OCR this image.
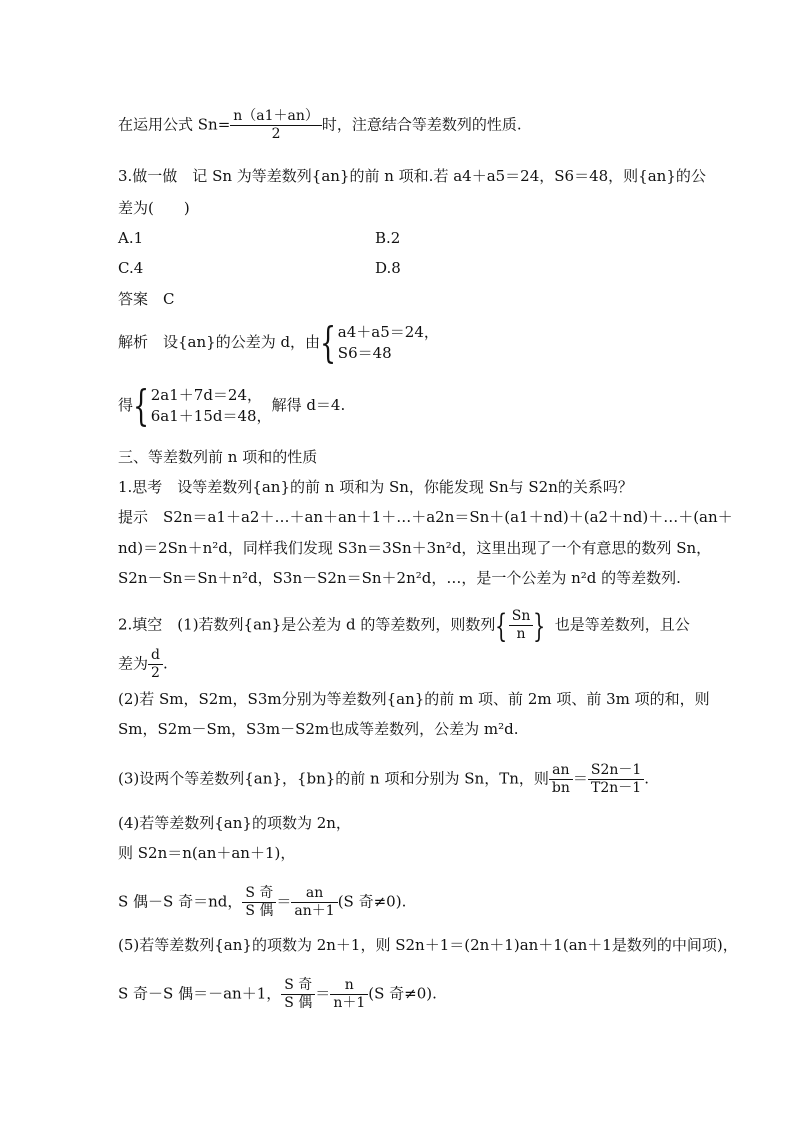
在运用公式 $Sn= \frac{n(a1+an)}{2}$ 时，注意结合等差数列的性质.
3.做一做　记 Sn 为等差数列{an}的前 n 项和.若 a4＋a5＝24，S6＝48，则{an}的公
差为(　　)
A.1	B.2
C.4	D.8
答案　C
解析　设{an}的公差为 d，由{ a4＋a5＝24，
S6＝48
得{ 2a1＋7d＝24，
6a1＋15d＝48，
解得 d＝4.
三、等差数列前 n 项和的性质
1.思考　设等差数列{an}的前 n 项和为 Sn，你能发现 Sn与 S2n的关系吗？
提示　S2n＝a1＋a2＋…＋an＋an＋1＋…＋a2n＝Sn＋(a1＋nd)＋(a2＋nd)＋…＋(an＋
nd)＝2Sn＋n²d，同样我们发现 S3n＝3Sn＋3n²d，这里出现了一个有意思的数列 Sn，
S2n－Sn＝Sn＋n²d，S3n－S2n＝Sn＋2n²d，…，是一个公差为 n²d 的等差数列.
2.填空　(1)若数列{an}是公差为 d 的等差数列，则数列{ $\frac{Sn}{n}$ } 也是等差数列，且公
差为 $\frac{d}{2}$ .
(2)若 Sm，S2m，S3m分别为等差数列{an}的前 m 项、前 2m 项、前 3m 项的和，则
Sm，S2m－Sm，S3m－S2m也成等差数列，公差为 m²d.
(3)设两个等差数列{an}，{bn}的前 n 项和分别为 Sn，Tn，则 $\frac{an}{bn} = \frac{S2n-1}{T2n-1}$ .
(4)若等差数列{an}的项数为 2n，
则 S2n＝n(an＋an＋1)，
S 偶－S 奇＝nd， $\frac{\text{S 奇}}{\text{S 偶}} = \frac{an}{an+1} (S$ 奇≠0).
(5)若等差数列{an}的项数为 2n＋1，则 S2n＋1＝(2n＋1)an＋1(an＋1是数列的中间项)，
S 奇－S 偶＝－an＋1， $\frac{\text{S 奇}}{\text{S 偶}} = \frac{n}{n+1} (S$ 奇≠0).
